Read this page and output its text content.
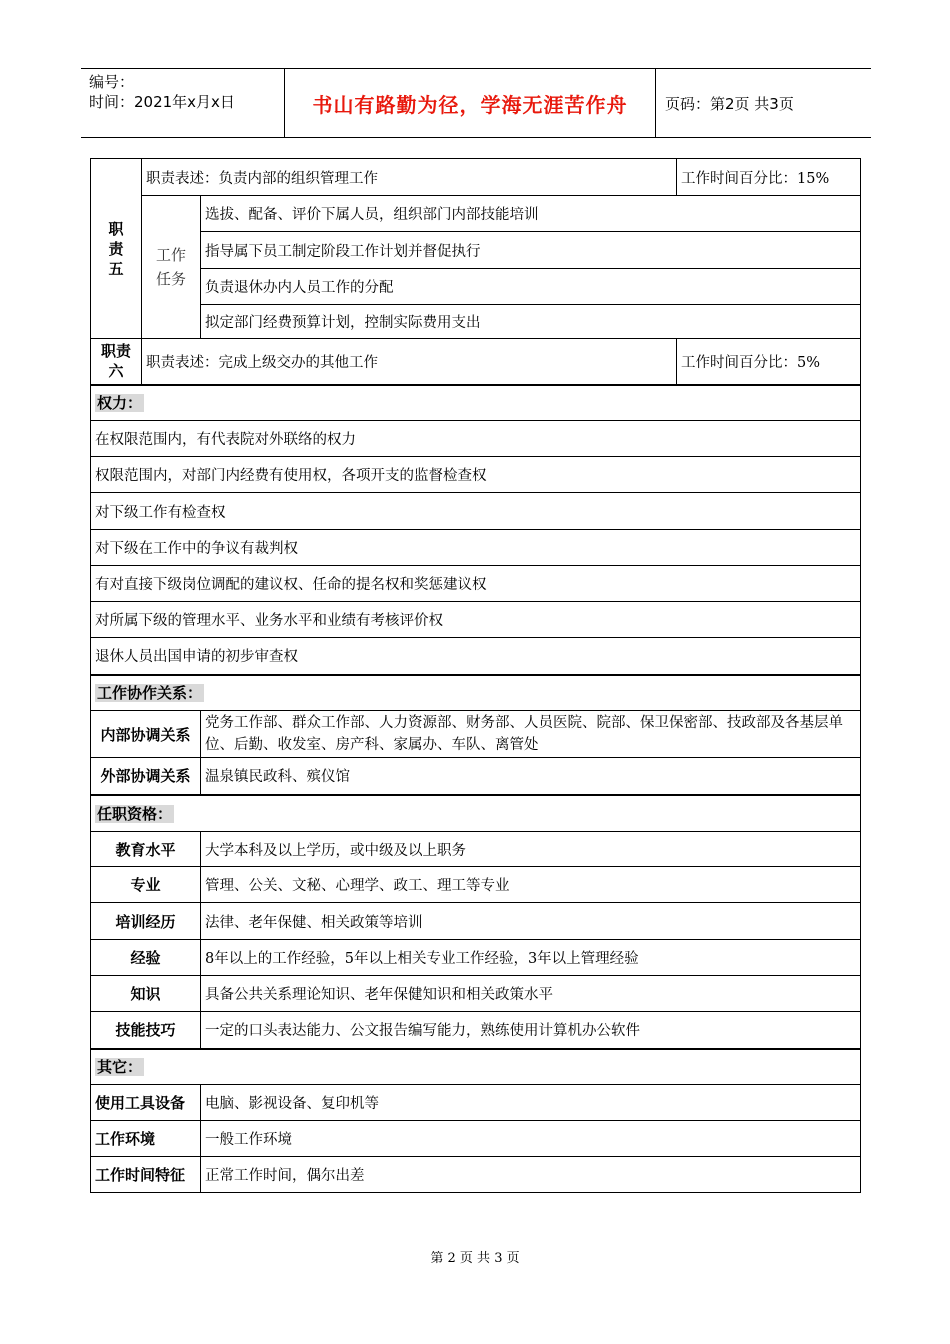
编号：
时间：2021年x月x日	书山有路勤为径，学海无涯苦作舟	页码：第2页 共3页
职责五	职责表述：负责内部的组织管理工作		工作时间百分比：15%

	工作任务	选拔、配备、评价下属人员，组织部门内部技能培训	
		指导属下员工制定阶段工作计划并督促执行	
		负责退休办内人员工作的分配	
		拟定部门经费预算计划，控制实际费用支出	

职责六	职责表述：完成上级交办的其他工作		工作时间百分比：5%
权力：			
在权限范围内，有代表院对外联络的权力			
权限范围内，对部门内经费有使用权，各项开支的监督检查权			
对下级工作有检查权			
对下级在工作中的争议有裁判权			
有对直接下级岗位调配的建议权、任命的提名权和奖惩建议权			
对所属下级的管理水平、业务水平和业绩有考核评价权			
退休人员出国申请的初步审查权			
工作协作关系：			
内部协调关系		党务工作部、群众工作部、人力资源部、财务部、人员医院、院部、保卫保密部、技政部及各基层单位、后勤、收发室、房产科、家属办、车队、离管处	
外部协调关系		温泉镇民政科、殡仪馆	
任职资格：			
教育水平		大学本科及以上学历，或中级及以上职务	
专业		管理、公关、文秘、心理学、政工、理工等专业	
培训经历		法律、老年保健、相关政策等培训	
经验		8年以上的工作经验，5年以上相关专业工作经验，3年以上管理经验	
知识		具备公共关系理论知识、老年保健知识和相关政策水平	
技能技巧		一定的口头表达能力、公文报告编写能力，熟练使用计算机办公软件	
其它：			
使用工具设备		电脑、影视设备、复印机等	
工作环境		一般工作环境	
工作时间特征		正常工作时间，偶尔出差	
第 2 页 共 3 页
